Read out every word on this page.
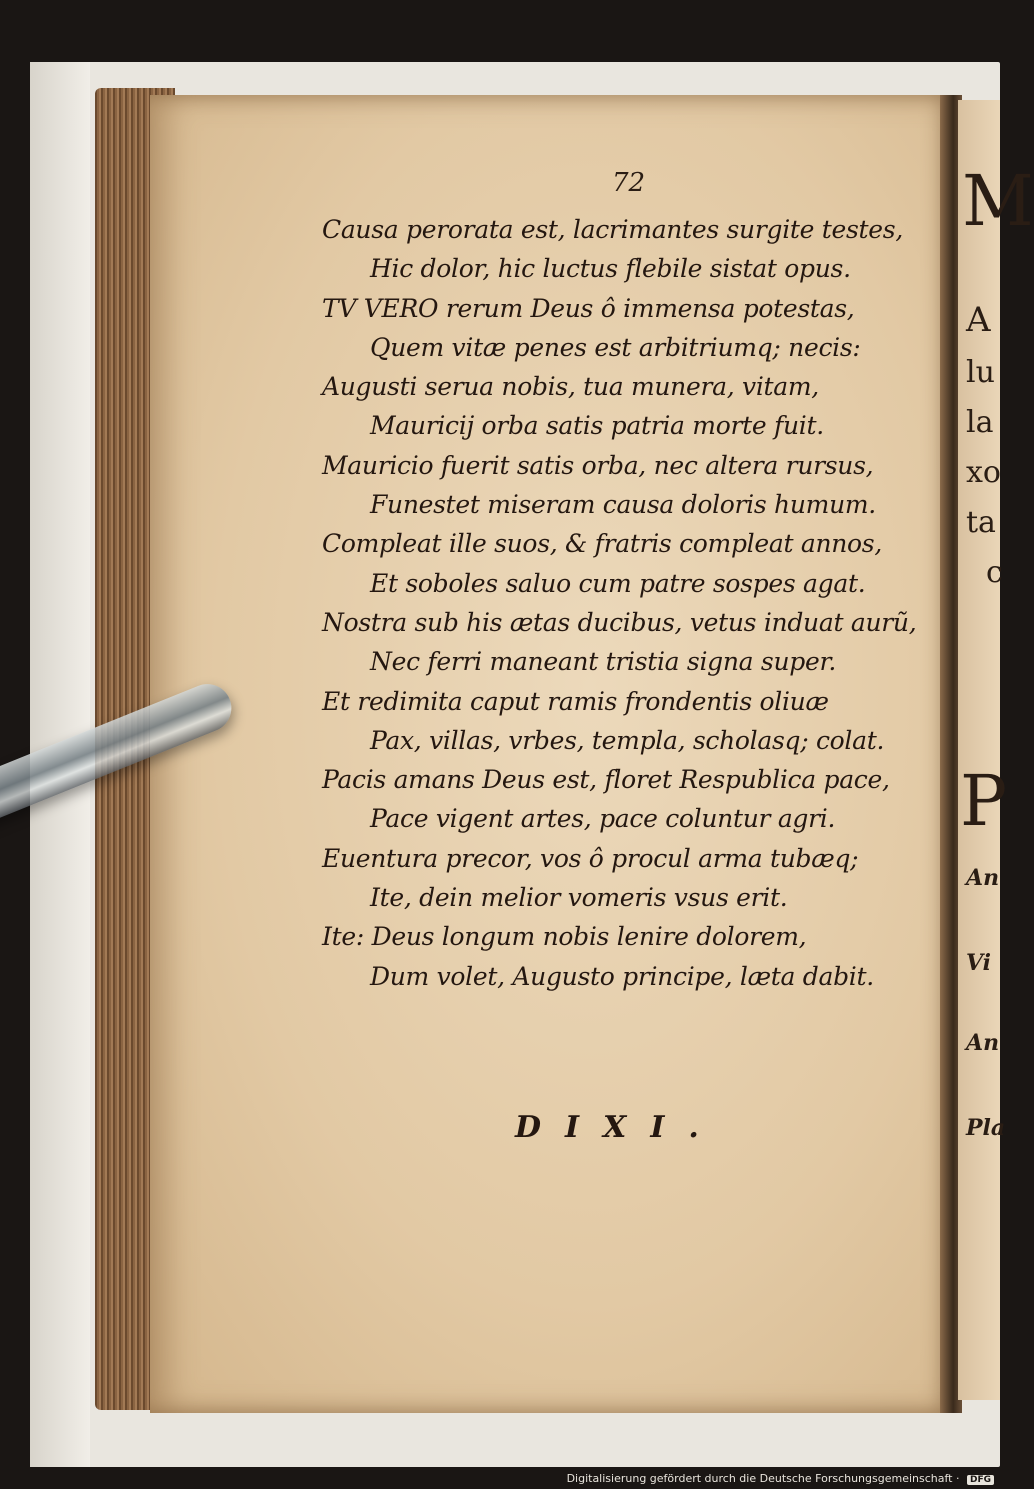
M
A
lu
la
xo
ta
c
P
An
Vi
An
Pla
72
Causa perorata est, lacrimantes surgite testes,
Hic dolor, hic luctus flebile sistat opus.
TV VERO rerum Deus ô immensa potestas,
Quem vitæ penes est arbitriumq; necis:
Augusti serua nobis, tua munera, vitam,
Mauricij orba satis patria morte fuit.
Mauricio fuerit satis orba, nec altera rursus,
Funestet miseram causa doloris humum.
Compleat ille suos, & fratris compleat annos,
Et soboles saluo cum patre sospes agat.
Nostra sub his ætas ducibus, vetus induat aurũ,
Nec ferri maneant tristia signa super.
Et redimita caput ramis frondentis oliuæ
Pax, villas, vrbes, templa, scholasq; colat.
Pacis amans Deus est, floret Respublica pace,
Pace vigent artes, pace coluntur agri.
Euentura precor, vos ô procul arma tubæq;
Ite, dein melior vomeris vsus erit.
Ite: Deus longum nobis lenire dolorem,
Dum volet, Augusto principe, læta dabit.
DIXI.
Digitalisierung gefördert durch die Deutsche Forschungsgemeinschaft · DFG
